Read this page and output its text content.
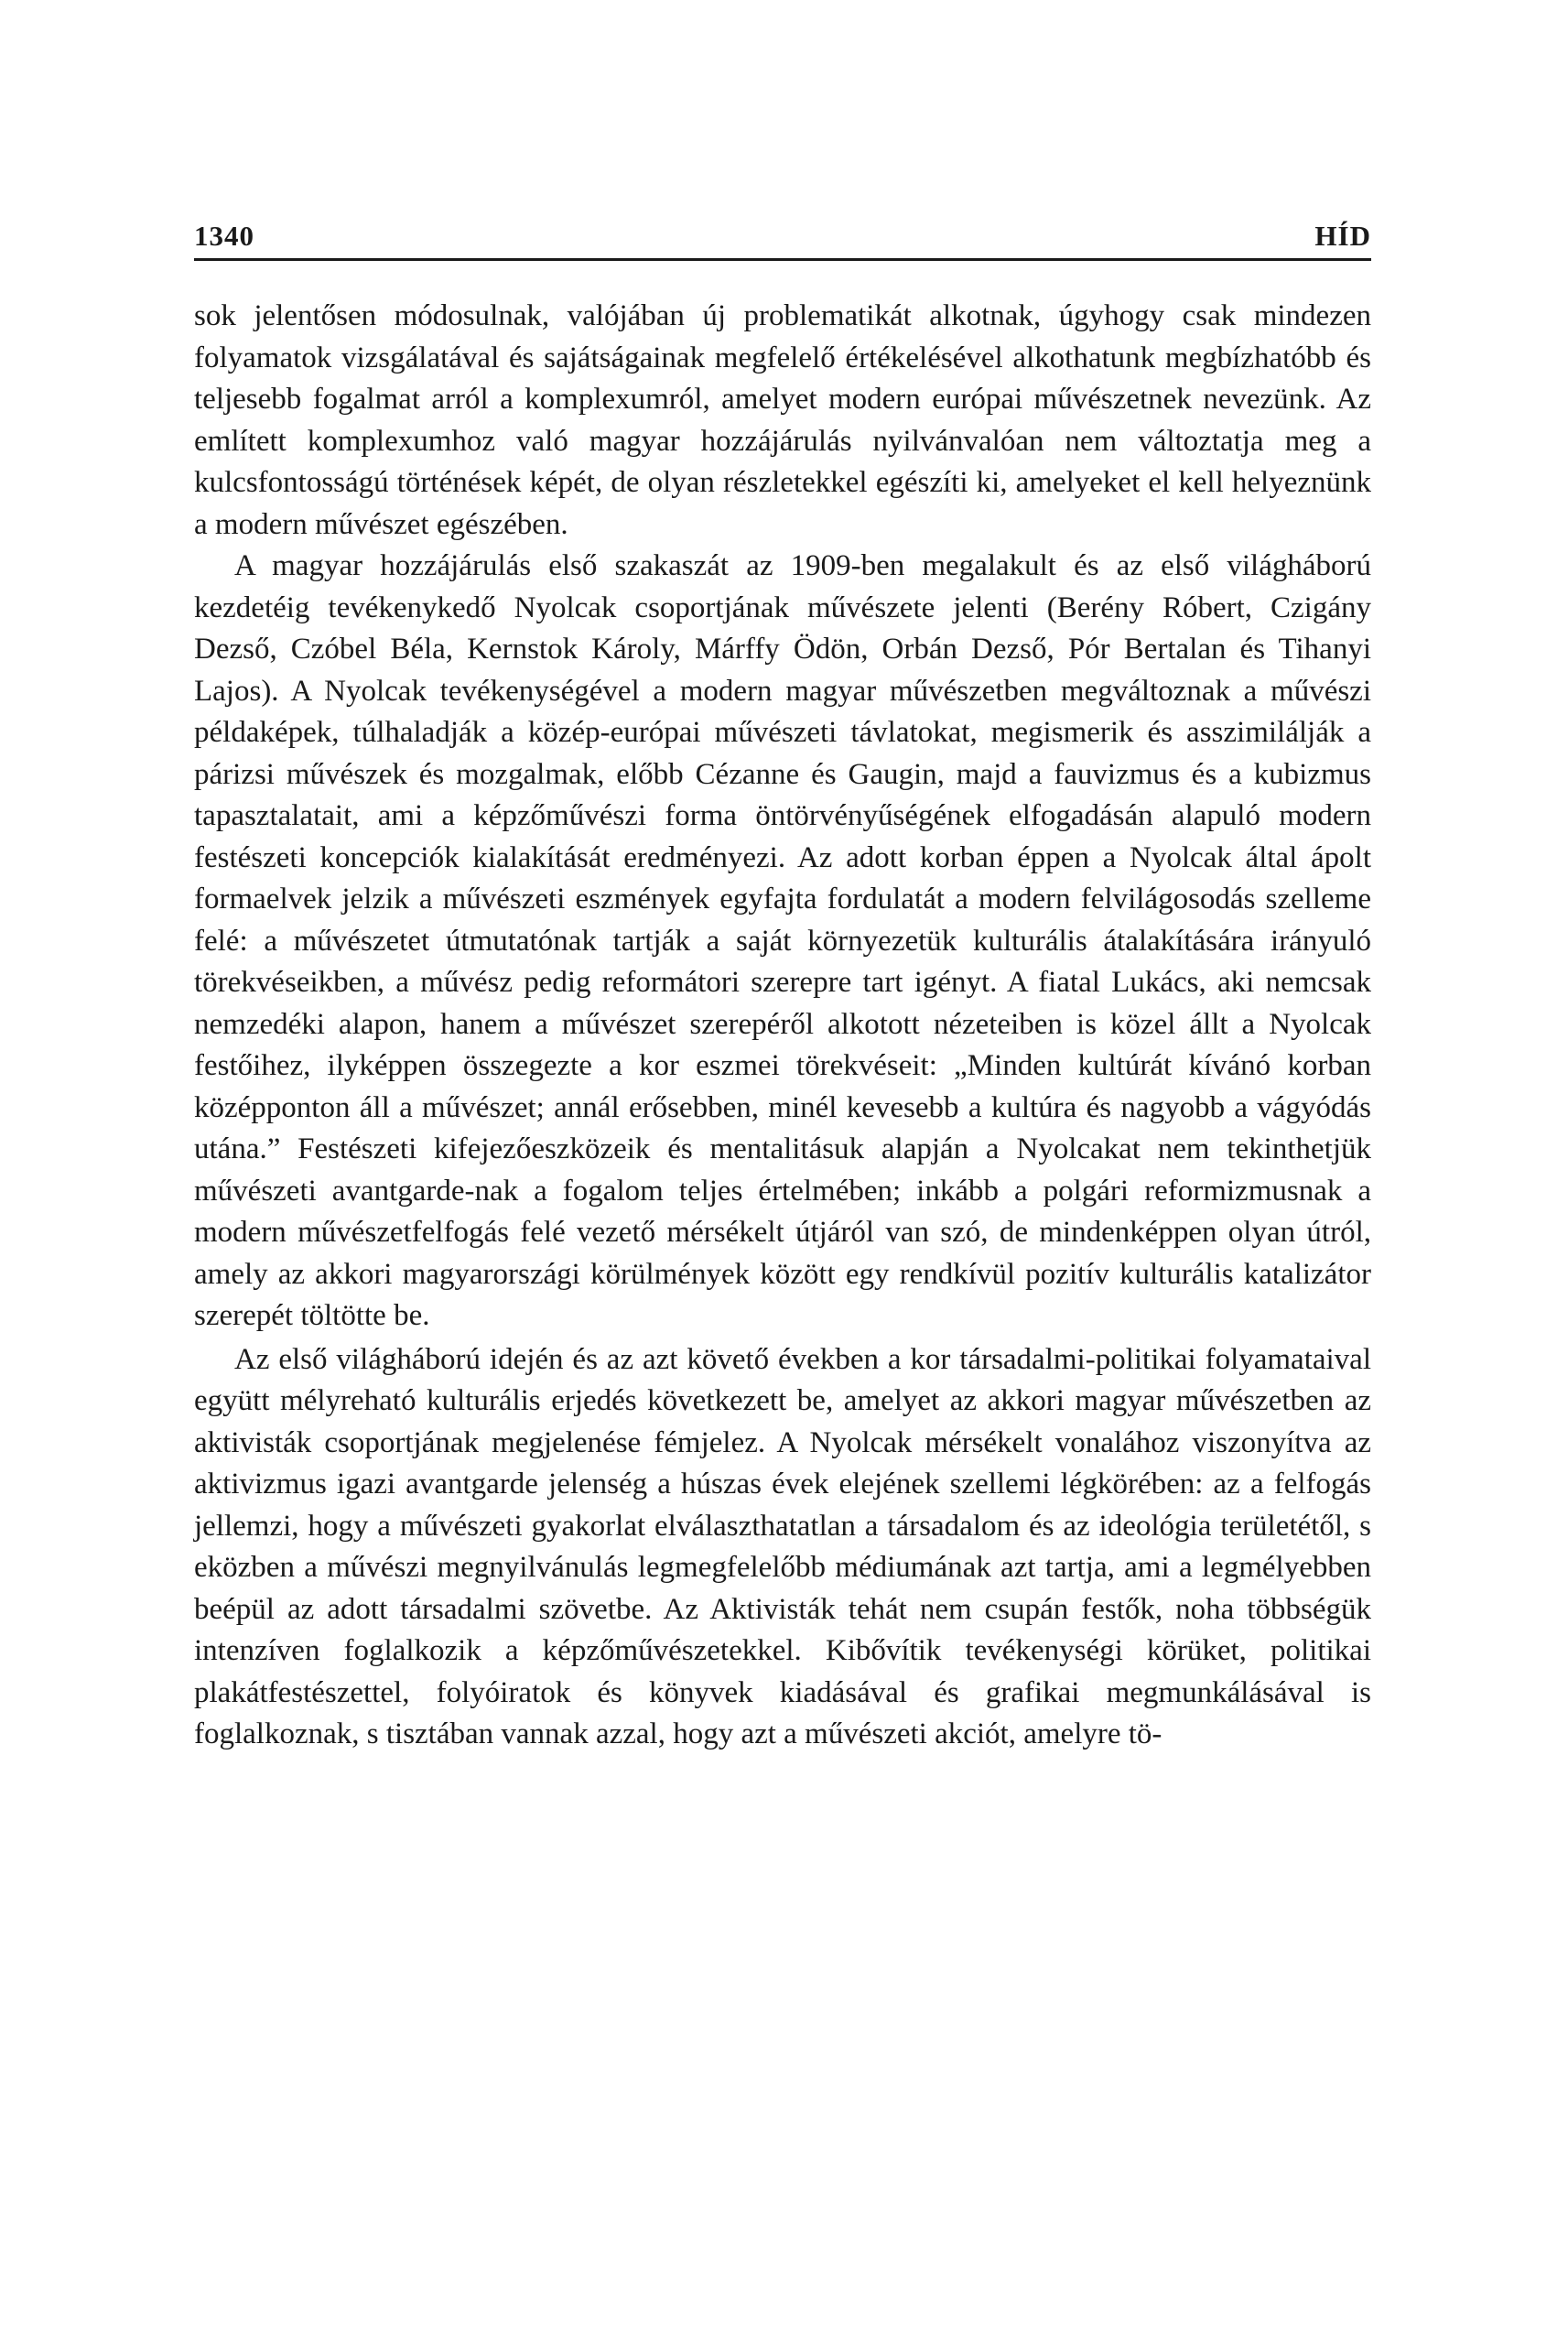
1340	HÍD

sok jelentősen módosulnak, valójában új problematikát alkotnak, úgyhogy csak mindezen folyamatok vizsgálatával és sajátságainak megfelelő értékelésével alkothatunk megbízhatóbb és teljesebb fogalmat arról a komplexumról, amelyet modern európai művészetnek nevezünk. Az említett komplexumhoz való magyar hozzájárulás nyilvánvalóan nem változtatja meg a kulcsfontosságú történések képét, de olyan részletekkel egészíti ki, amelyeket el kell helyeznünk a modern művészet egészében.

A magyar hozzájárulás első szakaszát az 1909-ben megalakult és az első világháború kezdetéig tevékenykedő Nyolcak csoportjának művészete jelenti (Berény Róbert, Czigány Dezső, Czóbel Béla, Kernstok Károly, Márffy Ödön, Orbán Dezső, Pór Bertalan és Tihanyi Lajos). A Nyolcak tevékenységével a modern magyar művészetben megváltoznak a művészi példaképek, túlhaladják a közép-európai művészeti távlatokat, megismerik és asszimilálják a párizsi művészek és mozgalmak, előbb Cézanne és Gaugin, majd a fauvizmus és a kubizmus tapasztalatait, ami a képzőművészi forma öntörvényűségének elfogadásán alapuló modern festészeti koncepciók kialakítását eredményezi. Az adott korban éppen a Nyolcak által ápolt formaelvek jelzik a művészeti eszmények egyfajta fordulatát a modern felvilágosodás szelleme felé: a művészetet útmutatónak tartják a saját környezetük kulturális átalakítására irányuló törekvéseikben, a művész pedig reformátori szerepre tart igényt. A fiatal Lukács, aki nemcsak nemzedéki alapon, hanem a művészet szerepéről alkotott nézeteiben is közel állt a Nyolcak festőihez, ilyképpen összegezte a kor eszmei törekvéseit: „Minden kultúrát kívánó korban középponton áll a művészet; annál erősebben, minél kevesebb a kultúra és nagyobb a vágyódás utána.” Festészeti kifejezőeszközeik és mentalitásuk alapján a Nyolcakat nem tekinthetjük művészeti avantgarde-nak a fogalom teljes értelmében; inkább a polgári reformizmusnak a modern művészetfelfogás felé vezető mérsékelt útjáról van szó, de mindenképpen olyan útról, amely az akkori magyarországi körülmények között egy rendkívül pozitív kulturális katalizátor szerepét töltötte be.

Az első világháború idején és az azt követő években a kor társadalmi-politikai folyamataival együtt mélyreható kulturális erjedés következett be, amelyet az akkori magyar művészetben az aktivisták csoportjának megjelenése fémjelez. A Nyolcak mérsékelt vonalához viszonyítva az aktivizmus igazi avantgarde jelenség a húszas évek elejének szellemi légkörében: az a felfogás jellemzi, hogy a művészeti gyakorlat elválaszthatatlan a társadalom és az ideológia területétől, s eközben a művészi megnyilvánulás legmegfelelőbb médiumának azt tartja, ami a legmélyebben beépül az adott társadalmi szövetbe. Az Aktivisták tehát nem csupán festők, noha többségük intenzíven foglalkozik a képzőművészetekkel. Kibővítik tevékenységi körüket, politikai plakátfestészettel, folyóiratok és könyvek kiadásával és grafikai megmunkálásával is foglalkoznak, s tisztában vannak azzal, hogy azt a művészeti akciót, amelyre tö-
